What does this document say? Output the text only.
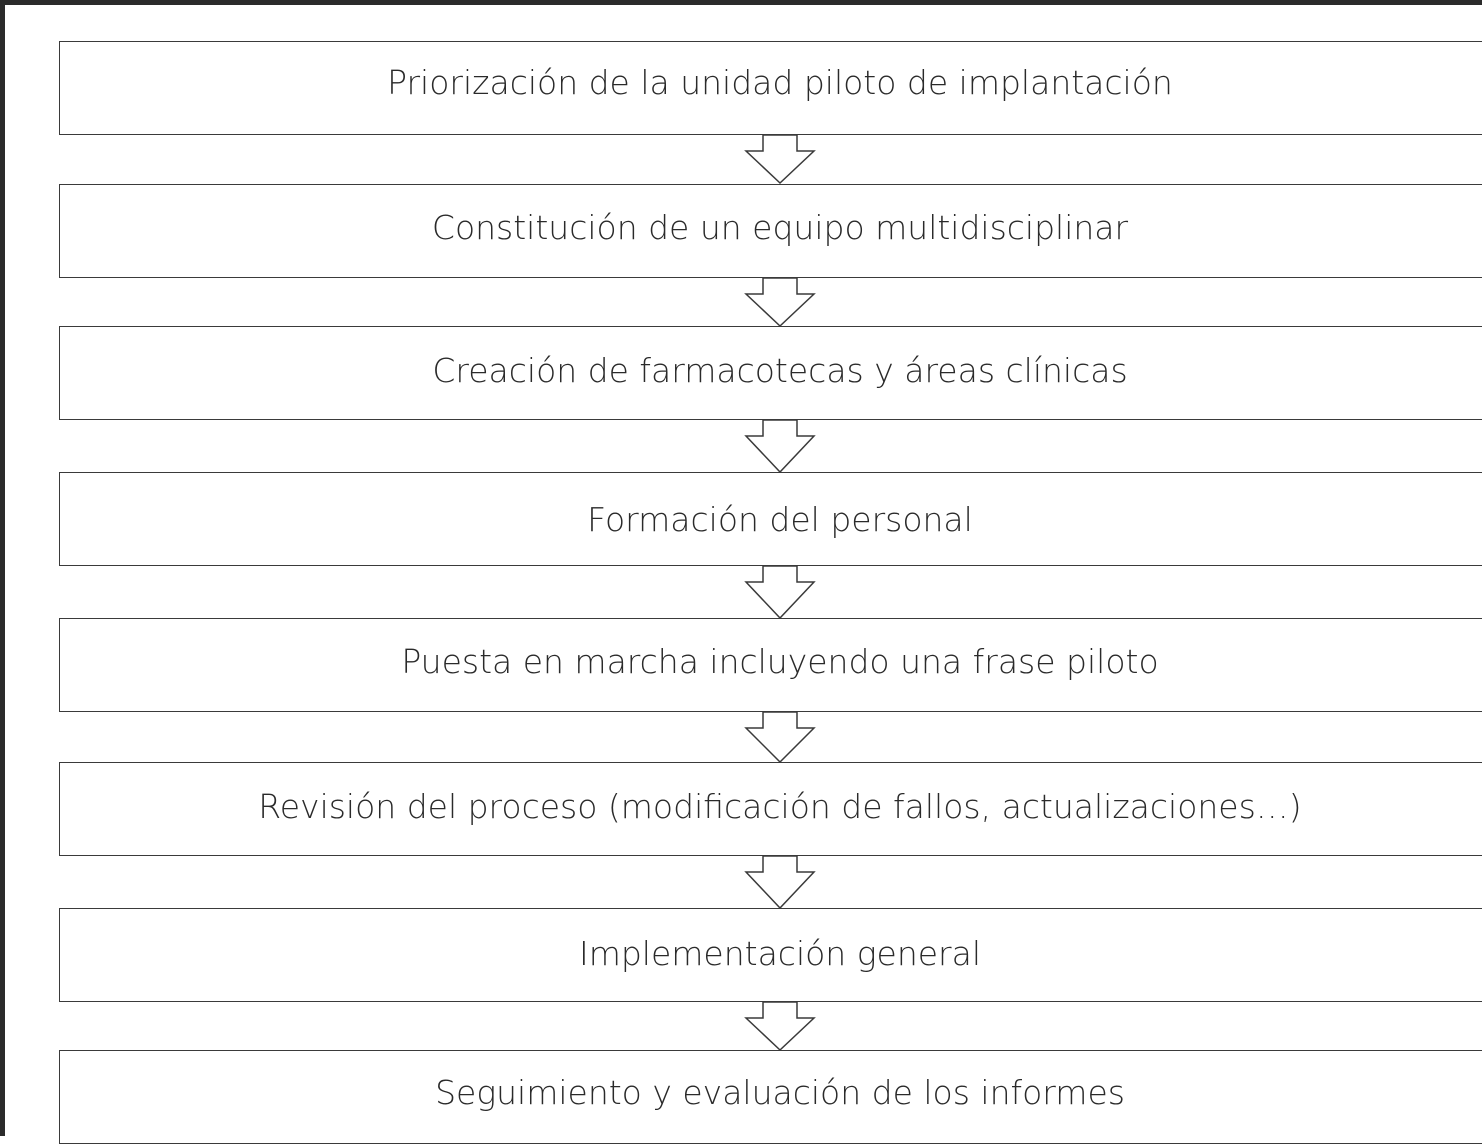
Priorización de la unidad piloto de implantación
Constitución de un equipo multidisciplinar
Creación de farmacotecas y áreas clínicas
Formación del personal
Puesta en marcha incluyendo una frase piloto
Revisión del proceso (modificación de fallos, actualizaciones…)
Implementación general
Seguimiento y evaluación de los informes
